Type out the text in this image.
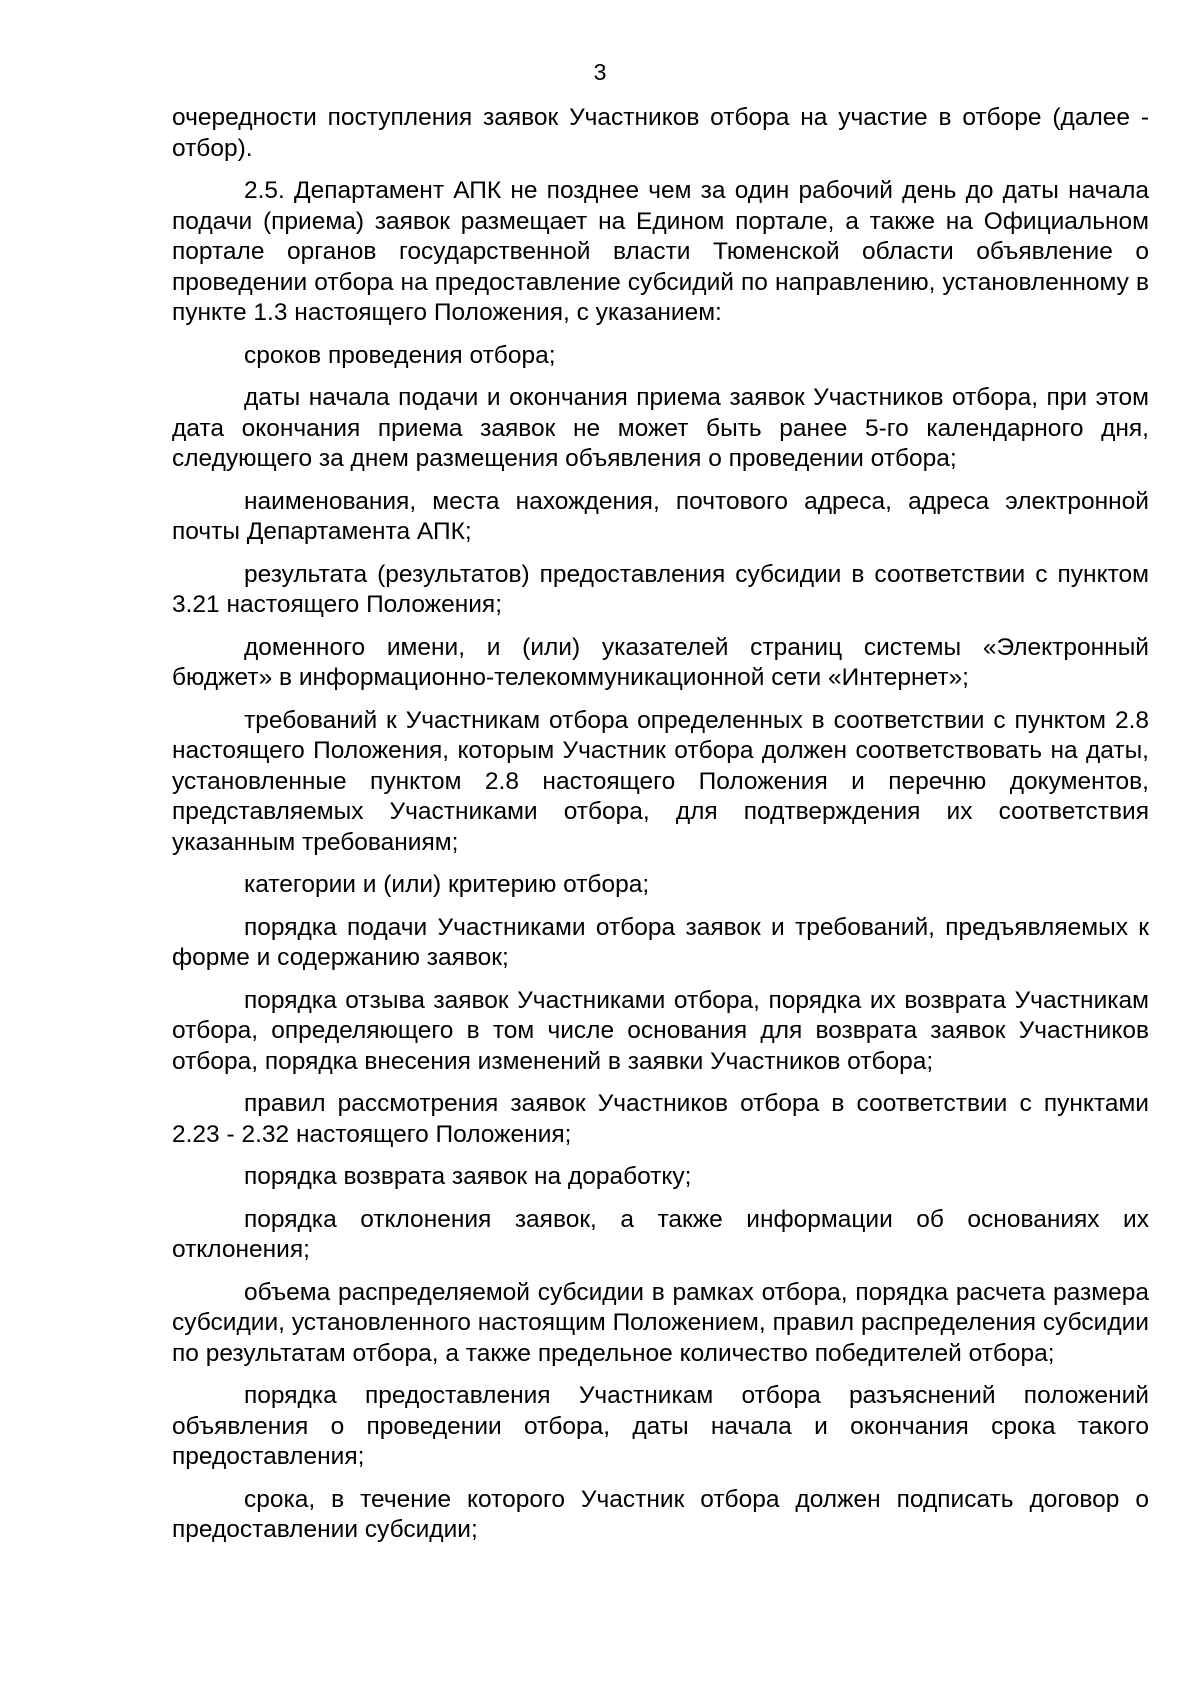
3

очередности поступления заявок Участников отбора на участие в отборе (далее - отбор).

2.5. Департамент АПК не позднее чем за один рабочий день до даты начала подачи (приема) заявок размещает на Едином портале, а также на Официальном портале органов государственной власти Тюменской области объявление о проведении отбора на предоставление субсидий по направлению, установленному в пункте 1.3 настоящего Положения, с указанием:

сроков проведения отбора;

даты начала подачи и окончания приема заявок Участников отбора, при этом дата окончания приема заявок не может быть ранее 5-го календарного дня, следующего за днем размещения объявления о проведении отбора;

наименования, места нахождения, почтового адреса, адреса электронной почты Департамента АПК;

результата (результатов) предоставления субсидии в соответствии с пунктом 3.21 настоящего Положения;

доменного имени, и (или) указателей страниц системы «Электронный бюджет» в информационно-телекоммуникационной сети «Интернет»;

требований к Участникам отбора определенных в соответствии с пунктом 2.8 настоящего Положения, которым Участник отбора должен соответствовать на даты, установленные пунктом 2.8 настоящего Положения и перечню документов, представляемых Участниками отбора, для подтверждения их соответствия указанным требованиям;

категории и (или) критерию отбора;

порядка подачи Участниками отбора заявок и требований, предъявляемых к форме и содержанию заявок;

порядка отзыва заявок Участниками отбора, порядка их возврата Участникам отбора, определяющего в том числе основания для возврата заявок Участников отбора, порядка внесения изменений в заявки Участников отбора;

правил рассмотрения заявок Участников отбора в соответствии с пунктами 2.23 - 2.32 настоящего Положения;

порядка возврата заявок на доработку;

порядка отклонения заявок, а также информации об основаниях их отклонения;

объема распределяемой субсидии в рамках отбора, порядка расчета размера субсидии, установленного настоящим Положением, правил распределения субсидии по результатам отбора, а также предельное количество победителей отбора;

порядка предоставления Участникам отбора разъяснений положений объявления о проведении отбора, даты начала и окончания срока такого предоставления;

срока, в течение которого Участник отбора должен подписать договор о предоставлении субсидии;
